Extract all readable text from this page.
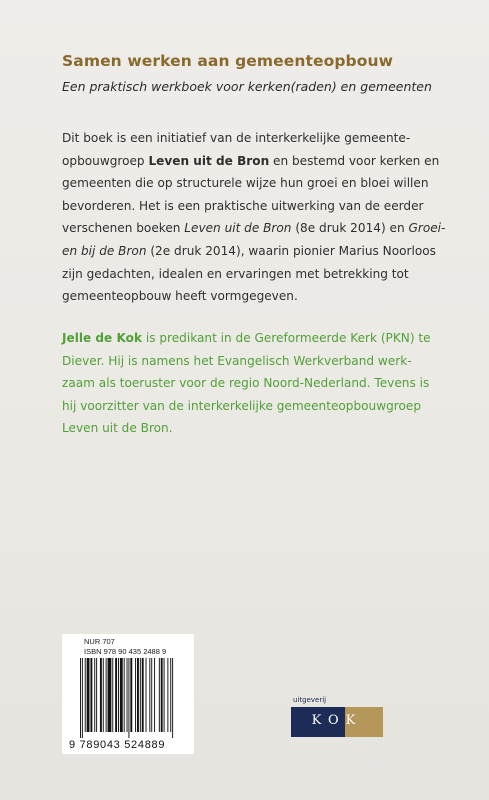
Samen werken aan gemeenteopbouw
Een praktisch werkboek voor kerken(raden) en gemeenten

Dit boek is een initiatief van de interkerkelijke gemeente-

opbouwgroep Leven uit de Bron en bestemd voor kerken en

gemeenten die op structurele wijze hun groei en bloei willen

bevorderen. Het is een praktische uitwerking van de eerder

verschenen boeken Leven uit de Bron (8e druk 2014) en Groei-

en bij de Bron (2e druk 2014), waarin pionier Marius Noorloos

zijn gedachten, idealen en ervaringen met betrekking tot

gemeenteopbouw heeft vormgegeven.

Jelle de Kok is predikant in de Gereformeerde Kerk (PKN) te

Diever. Hij is namens het Evangelisch Werkverband werk-

zaam als toeruster voor de regio Noord-Nederland. Tevens is

hij voorzitter van de interkerkelijke gemeenteopbouwgroep

Leven uit de Bron.

NUR 707
ISBN 978 90 435 2488 9
9 789043 524889
uitgeverij
KOK
